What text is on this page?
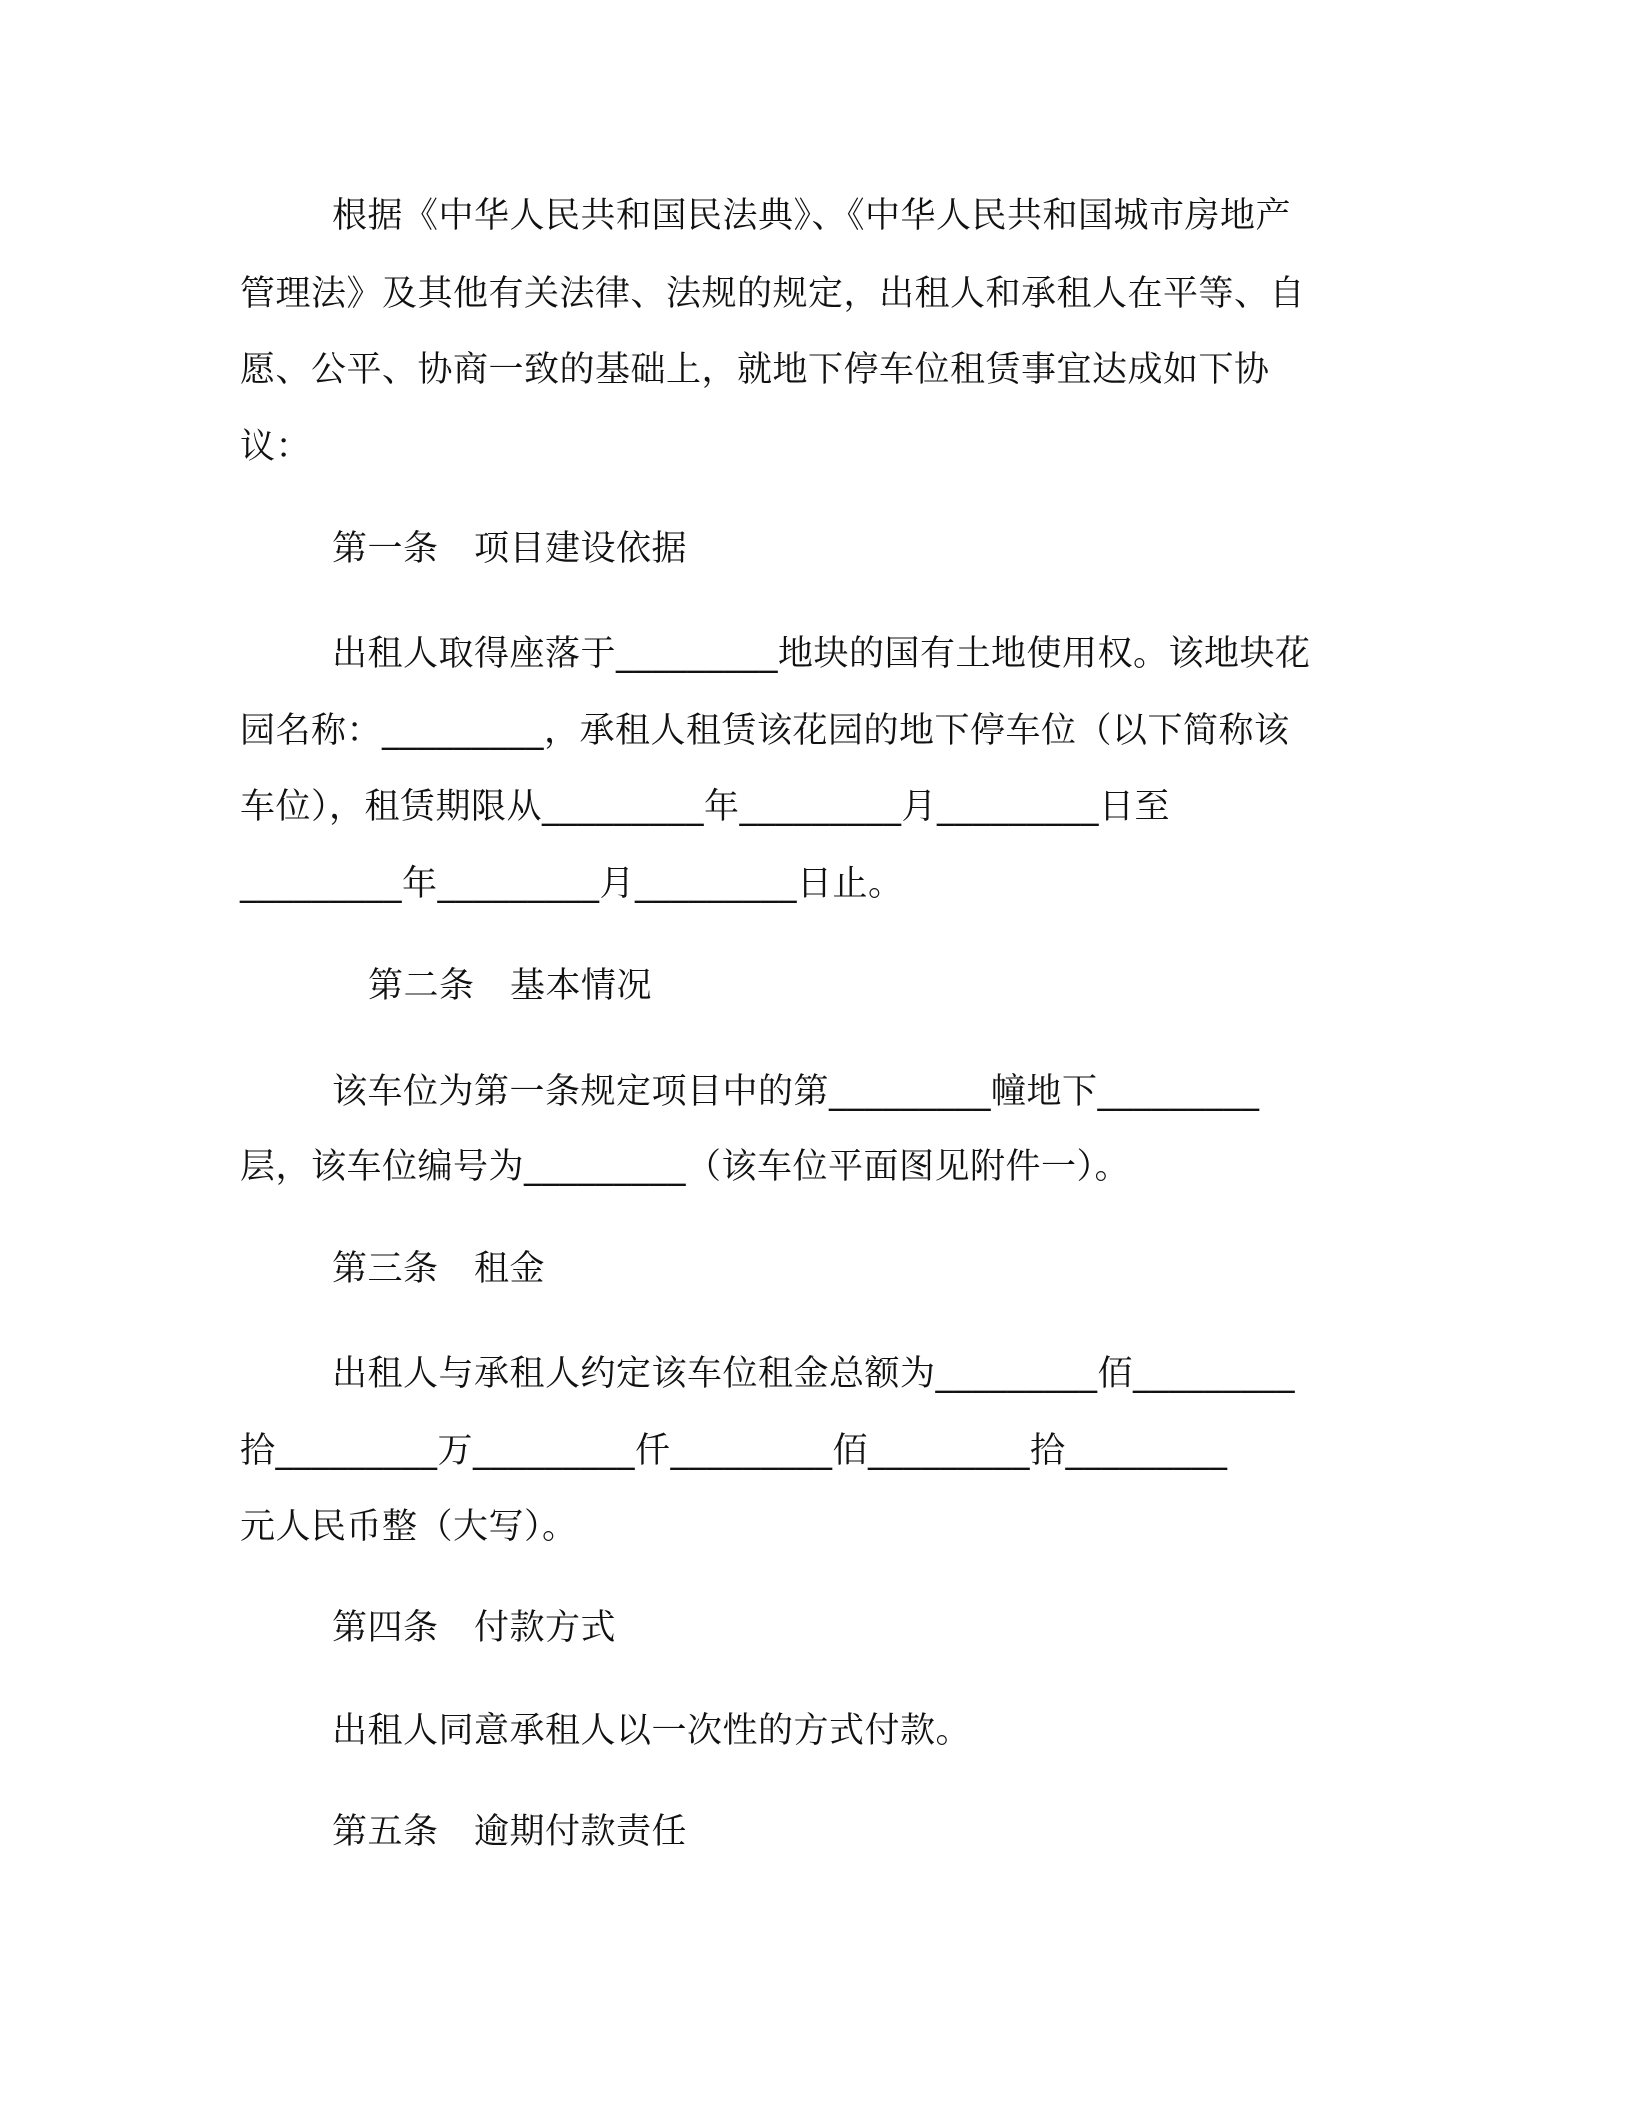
根据《中华人民共和国民法典》、《中华人民共和国城市房地产
管理法》及其他有关法律、法规的规定，出租人和承租人在平等、自
愿、公平、协商一致的基础上，就地下停车位租赁事宜达成如下协
议：
第一条　项目建设依据
出租人取得座落于_________地块的国有土地使用权。该地块花
园名称：_________，承租人租赁该花园的地下停车位（以下简称该
车位），租赁期限从_________年_________月_________日至
_________年_________月_________日止。
第二条　基本情况
该车位为第一条规定项目中的第_________幢地下_________
层，该车位编号为_________（该车位平面图见附件一）。
第三条　租金
出租人与承租人约定该车位租金总额为_________佰_________
拾_________万_________仟_________佰_________拾_________
元人民币整（大写）。
第四条　付款方式
出租人同意承租人以一次性的方式付款。
第五条　逾期付款责任
